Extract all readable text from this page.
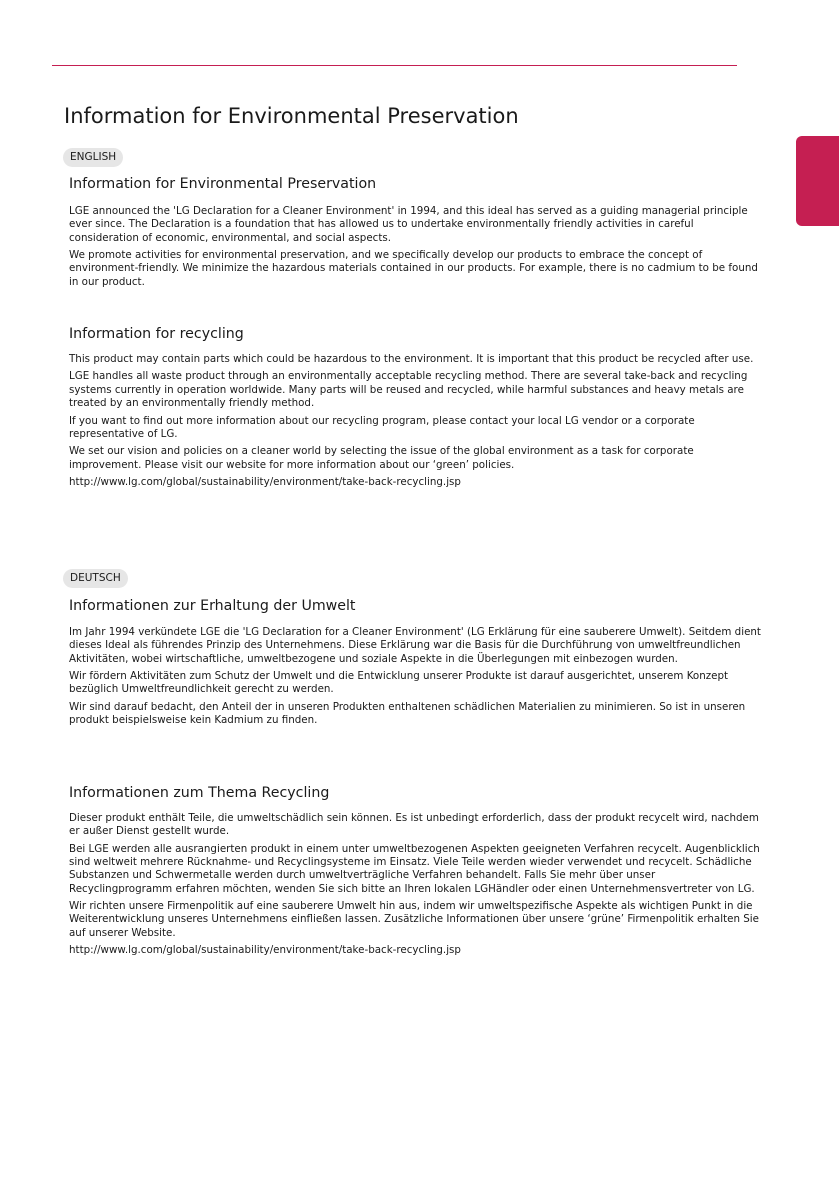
Information for Environmental Preservation
ENGLISH
Information for Environmental Preservation

LGE announced the 'LG Declaration for a Cleaner Environment' in 1994, and this ideal has served as a guiding managerial principle ever since. The Declaration is a foundation that has allowed us to undertake environmentally friendly activities in careful consideration of economic, environmental, and social aspects.

We promote activities for environmental preservation, and we specifically develop our products to embrace the concept of environment-friendly. We minimize the hazardous materials contained in our products. For example, there is no cadmium to be found in our product.

Information for recycling

This product may contain parts which could be hazardous to the environment. It is important that this product be recycled after use.

LGE handles all waste product through an environmentally acceptable recycling method. There are several take-back and recycling systems currently in operation worldwide. Many parts will be reused and recycled, while harmful substances and heavy metals are treated by an environmentally friendly method.

If you want to find out more information about our recycling program, please contact your local LG vendor or a corporate representative of LG.

We set our vision and policies on a cleaner world by selecting the issue of the global environment as a task for corporate improvement. Please visit our website for more information about our ‘green’ policies.

http://www.lg.com/global/sustainability/environment/take-back-recycling.jsp

DEUTSCH
Informationen zur Erhaltung der Umwelt

Im Jahr 1994 verkündete LGE die 'LG Declaration for a Cleaner Environment' (LG Erklärung für eine sauberere Umwelt). Seitdem dient dieses Ideal als führendes Prinzip des Unternehmens. Diese Erklärung war die Basis für die Durchführung von umweltfreundlichen Aktivitäten, wobei wirtschaftliche, umweltbezogene und soziale Aspekte in die Überlegungen mit einbezogen wurden.

Wir fördern Aktivitäten zum Schutz der Umwelt und die Entwicklung unserer Produkte ist darauf ausgerichtet, unserem Konzept bezüglich Umweltfreundlichkeit gerecht zu werden.

Wir sind darauf bedacht, den Anteil der in unseren Produkten enthaltenen schädlichen Materialien zu minimieren. So ist in unseren produkt beispielsweise kein Kadmium zu finden.

Informationen zum Thema Recycling

Dieser produkt enthält Teile, die umweltschädlich sein können. Es ist unbedingt erforderlich, dass der produkt recycelt wird, nachdem er außer Dienst gestellt wurde.

Bei LGE werden alle ausrangierten produkt in einem unter umweltbezogenen Aspekten geeigneten Verfahren recycelt. Augenblicklich sind weltweit mehrere Rücknahme- und Recyclingsysteme im Einsatz. Viele Teile werden wieder verwendet und recycelt. Schädliche Substanzen und Schwermetalle werden durch umweltverträgliche Verfahren behandelt. Falls Sie mehr über unser Recyclingprogramm erfahren möchten, wenden Sie sich bitte an Ihren lokalen LGHändler oder einen Unternehmensvertreter von LG.

Wir richten unsere Firmenpolitik auf eine sauberere Umwelt hin aus, indem wir umweltspezifische Aspekte als wichtigen Punkt in die Weiterentwicklung unseres Unternehmens einfließen lassen. Zusätzliche Informationen über unsere ‘grüne’ Firmenpolitik erhalten Sie auf unserer Website.

http://www.lg.com/global/sustainability/environment/take-back-recycling.jsp
